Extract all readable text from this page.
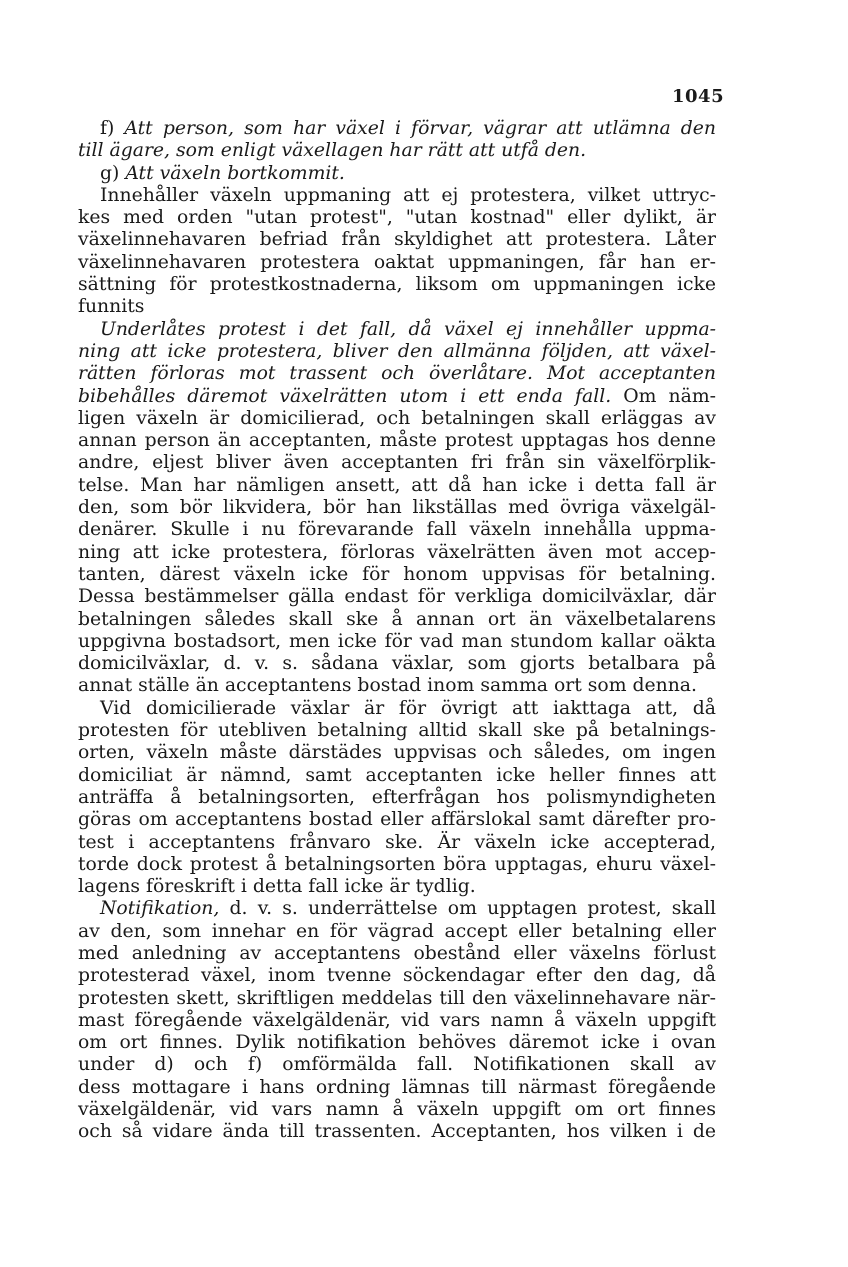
1045
f) Att person, som har växel i förvar, vägrar att utlämna den
till ägare, som enligt växellagen har rätt att utfå den.
g) Att växeln bortkommit.
Innehåller växeln uppmaning att ej protestera, vilket uttryc-
kes med orden "utan protest", "utan kostnad" eller dylikt, är
växelinnehavaren befriad från skyldighet att protestera. Låter
växelinnehavaren protestera oaktat uppmaningen, får han er-
sättning för protestkostnaderna, liksom om uppmaningen icke
funnits
Underlåtes protest i det fall, då växel ej innehåller uppma-
ning att icke protestera, bliver den allmänna följden, att växel-
rätten förloras mot trassent och överlåtare. Mot acceptanten
bibehålles däremot växelrätten utom i ett enda fall. Om näm-
ligen växeln är domicilierad, och betalningen skall erläggas av
annan person än acceptanten, måste protest upptagas hos denne
andre, eljest bliver även acceptanten fri från sin växelförplik-
telse. Man har nämligen ansett, att då han icke i detta fall är
den, som bör likvidera, bör han likställas med övriga växelgäl-
denärer. Skulle i nu förevarande fall växeln innehålla uppma-
ning att icke protestera, förloras växelrätten även mot accep-
tanten, därest växeln icke för honom uppvisas för betalning.
Dessa bestämmelser gälla endast för verkliga domicilväxlar, där
betalningen således skall ske å annan ort än växelbetalarens
uppgivna bostadsort, men icke för vad man stundom kallar oäkta
domicilväxlar, d. v. s. sådana växlar, som gjorts betalbara på
annat ställe än acceptantens bostad inom samma ort som denna.
Vid domicilierade växlar är för övrigt att iakttaga att, då
protesten för utebliven betalning alltid skall ske på betalnings-
orten, växeln måste därstädes uppvisas och således, om ingen
domiciliat är nämnd, samt acceptanten icke heller finnes att
anträffa å betalningsorten, efterfrågan hos polismyndigheten
göras om acceptantens bostad eller affärslokal samt därefter pro-
test i acceptantens frånvaro ske. Är växeln icke accepterad,
torde dock protest å betalningsorten böra upptagas, ehuru växel-
lagens föreskrift i detta fall icke är tydlig.
Notifikation, d. v. s. underrättelse om upptagen protest, skall
av den, som innehar en för vägrad accept eller betalning eller
med anledning av acceptantens obestånd eller växelns förlust
protesterad växel, inom tvenne söckendagar efter den dag, då
protesten skett, skriftligen meddelas till den växelinnehavare när-
mast föregående växelgäldenär, vid vars namn å växeln uppgift
om ort finnes. Dylik notifikation behöves däremot icke i ovan
under d) och f) omförmälda fall. Notifikationen skall av
dess mottagare i hans ordning lämnas till närmast föregående
växelgäldenär, vid vars namn å växeln uppgift om ort finnes
och så vidare ända till trassenten. Acceptanten, hos vilken i de
